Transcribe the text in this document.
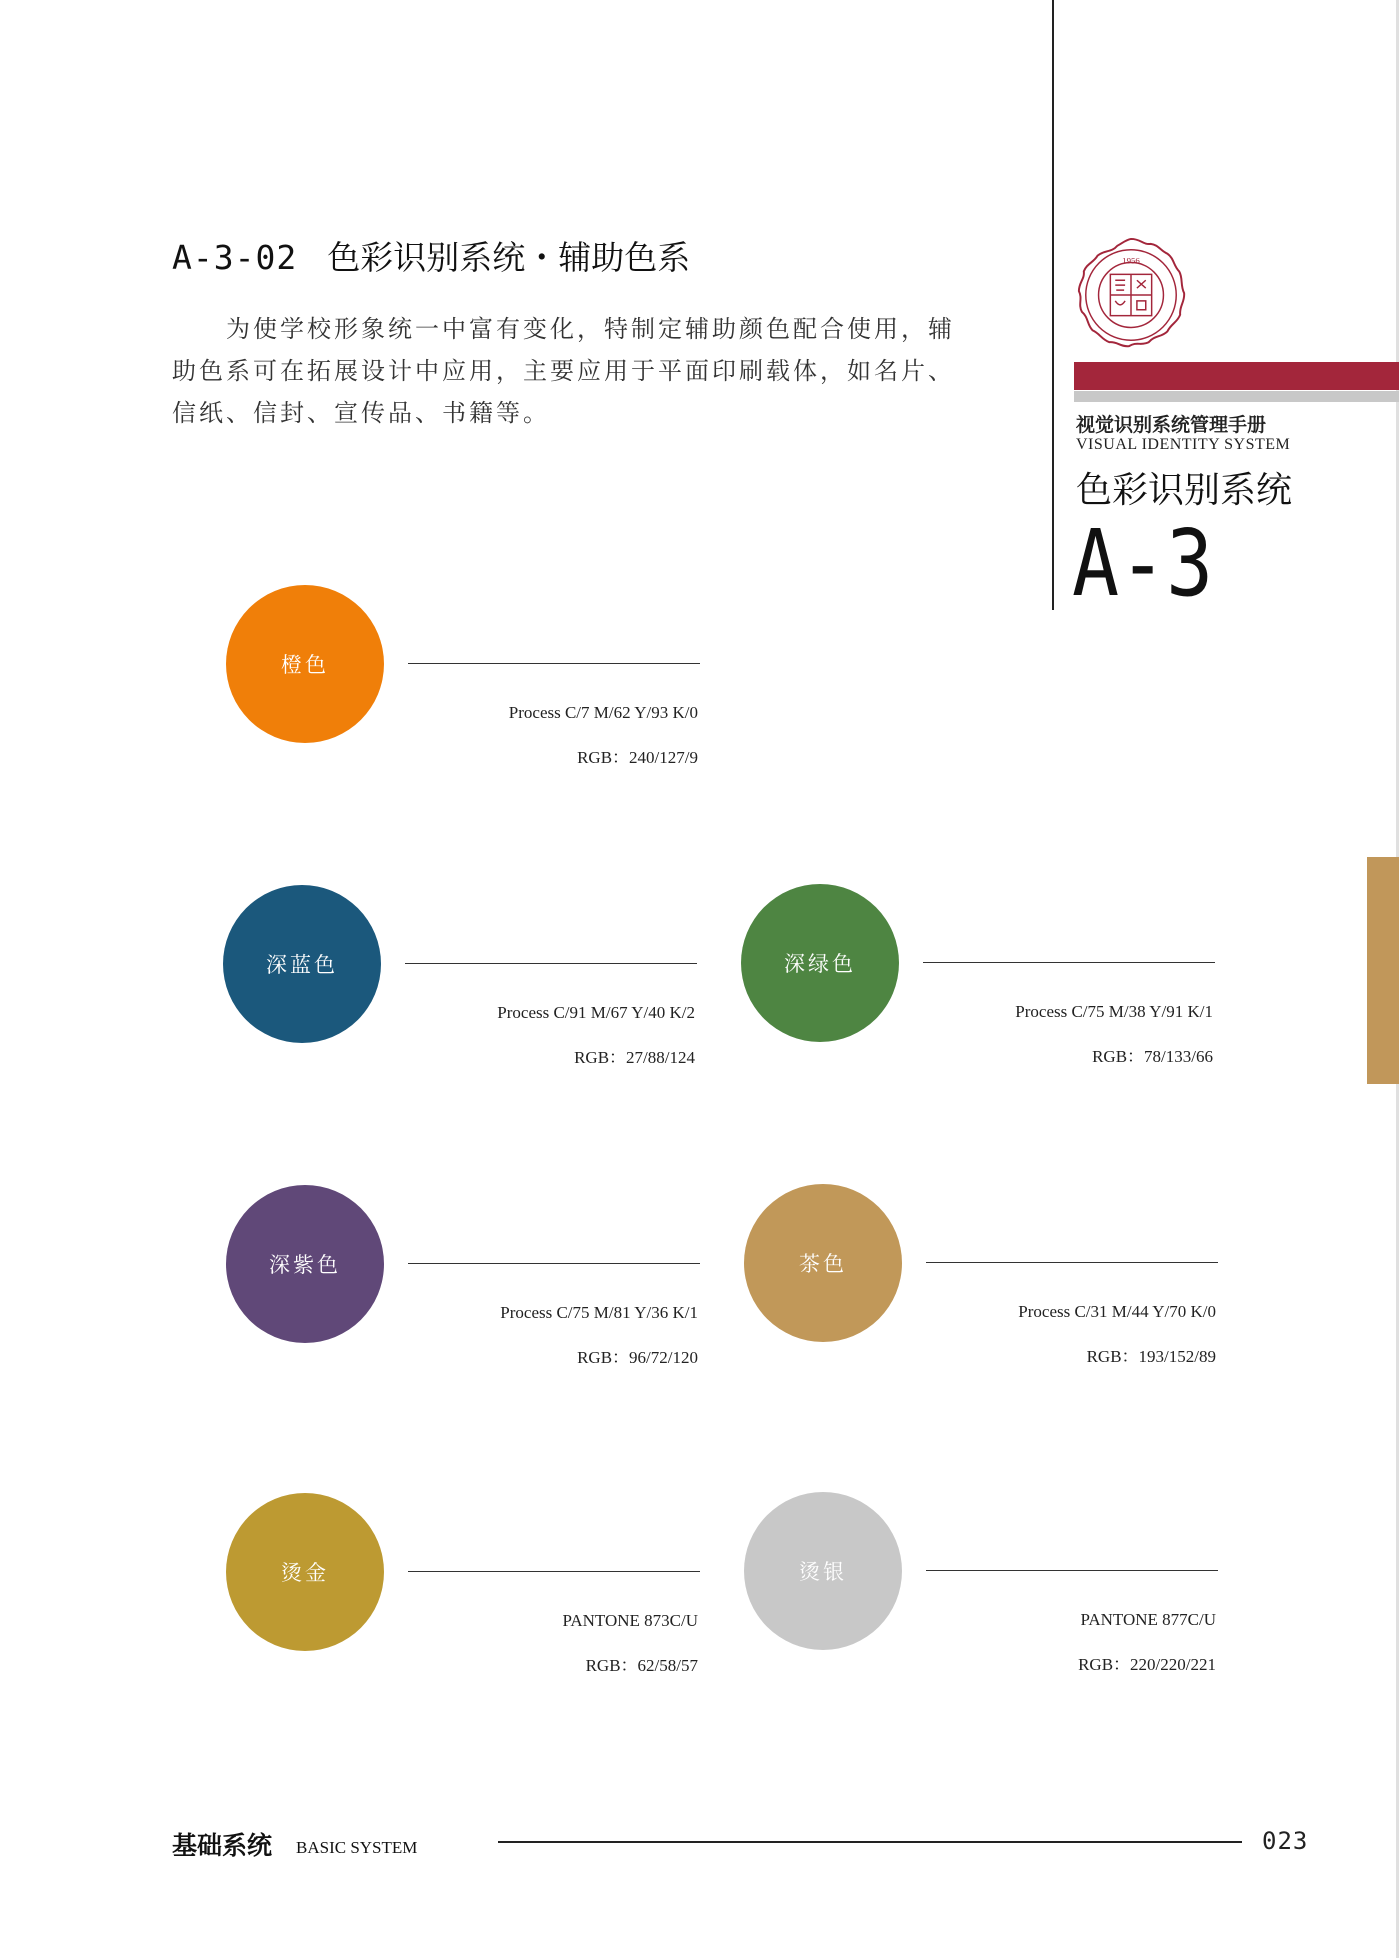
1956
视觉识别系统管理手册
VISUAL IDENTITY SYSTEM
色彩识别系统
A-3
A-3-02 色彩识别系统・辅助色系

为使学校形象统一中富有变化，特制定辅助颜色配合使用，辅助色系可在拓展设计中应用，主要应用于平面印刷载体，如名片、信纸、信封、宣传品、书籍等。

橙色
Process C/7 M/62 Y/93 K/0
RGB：240/127/9
深蓝色
Process C/91 M/67 Y/40 K/2
RGB：27/88/124
深绿色
Process C/75 M/38 Y/91 K/1
RGB：78/133/66
深紫色
Process C/75 M/81 Y/36 K/1
RGB：96/72/120
茶色
Process C/31 M/44 Y/70 K/0
RGB：193/152/89
烫金
PANTONE 873C/U
RGB：62/58/57
烫银
PANTONE 877C/U
RGB：220/220/221
基础系统 BASIC SYSTEM	023
